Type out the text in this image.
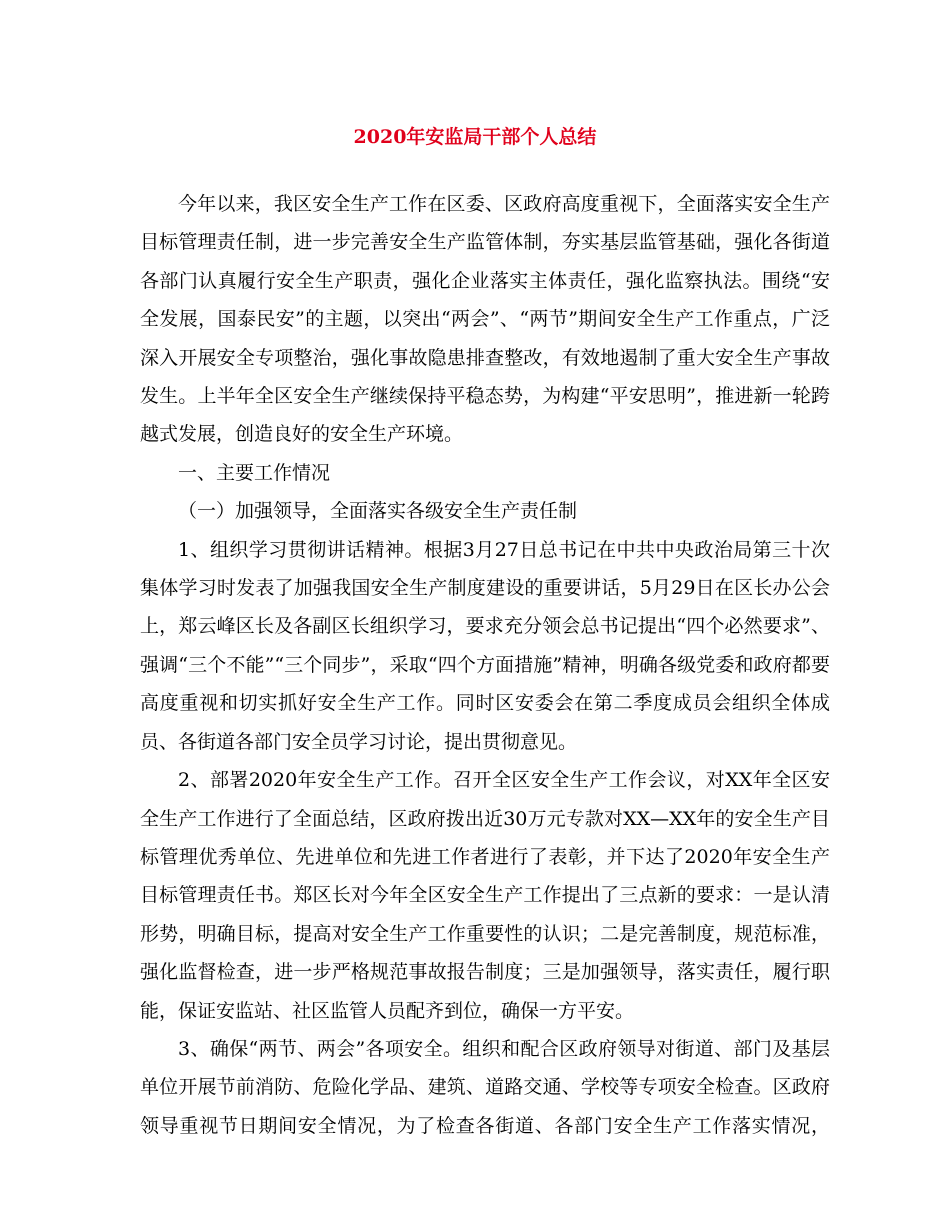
2020年安监局干部个人总结

今年以来，我区安全生产工作在区委、区政府高度重视下，全面落实安全生产目标管理责任制，进一步完善安全生产监管体制，夯实基层监管基础，强化各街道各部门认真履行安全生产职责，强化企业落实主体责任，强化监察执法。围绕“安全发展，国泰民安”的主题，以突出“两会”、“两节”期间安全生产工作重点，广泛深入开展安全专项整治，强化事故隐患排查整改，有效地遏制了重大安全生产事故发生。上半年全区安全生产继续保持平稳态势，为构建“平安思明”，推进新一轮跨越式发展，创造良好的安全生产环境。

一、主要工作情况

（一）加强领导，全面落实各级安全生产责任制

1、组织学习贯彻讲话精神。根据3月27日总书记在中共中央政治局第三十次集体学习时发表了加强我国安全生产制度建设的重要讲话，5月29日在区长办公会上，郑云峰区长及各副区长组织学习，要求充分领会总书记提出“四个必然要求”、强调“三个不能”“三个同步”，采取“四个方面措施”精神，明确各级党委和政府都要高度重视和切实抓好安全生产工作。同时区安委会在第二季度成员会组织全体成员、各街道各部门安全员学习讨论，提出贯彻意见。

2、部署2020年安全生产工作。召开全区安全生产工作会议，对XX年全区安全生产工作进行了全面总结，区政府拨出近30万元专款对XX—XX年的安全生产目标管理优秀单位、先进单位和先进工作者进行了表彰，并下达了2020年安全生产目标管理责任书。郑区长对今年全区安全生产工作提出了三点新的要求：一是认清形势，明确目标，提高对安全生产工作重要性的认识；二是完善制度，规范标准，强化监督检查，进一步严格规范事故报告制度；三是加强领导，落实责任，履行职能，保证安监站、社区监管人员配齐到位，确保一方平安。

3、确保“两节、两会”各项安全。组织和配合区政府领导对街道、部门及基层单位开展节前消防、危险化学品、建筑、道路交通、学校等专项安全检查。区政府领导重视节日期间安全情况，为了检查各街道、各部门安全生产工作落实情况，
